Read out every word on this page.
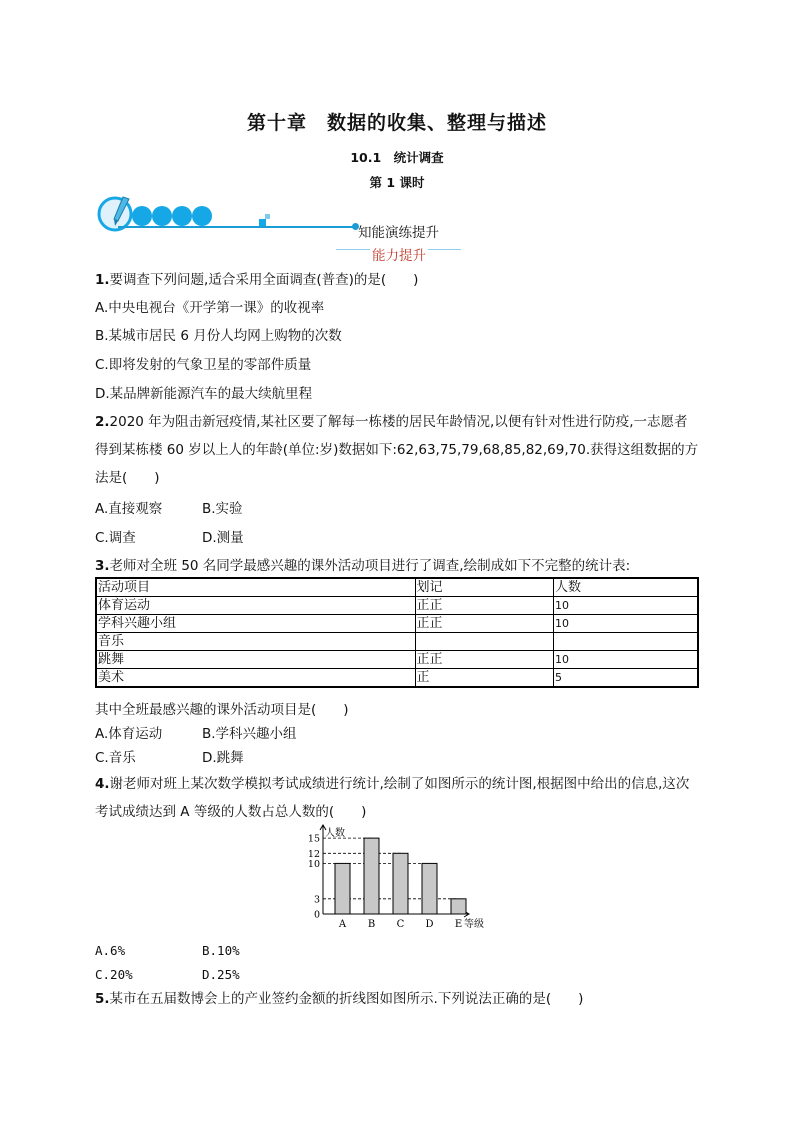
第十章　数据的收集、整理与描述
10.1　统计调查
第 1 课时
知能演练提升
能力提升
1.要调查下列问题,适合采用全面调查(普查)的是(　　)
A.中央电视台《开学第一课》的收视率
B.某城市居民 6 月份人均网上购物的次数
C.即将发射的气象卫星的零部件质量
D.某品牌新能源汽车的最大续航里程
2.2020 年为阻击新冠疫情,某社区要了解每一栋楼的居民年龄情况,以便有针对性进行防疫,一志愿者得到某栋楼 60 岁以上人的年龄(单位:岁)数据如下:62,63,75,79,68,85,82,69,70.获得这组数据的方法是(　　)
A.直接观察	B.实验
C.调查	D.测量
3.老师对全班 50 名同学最感兴趣的课外活动项目进行了调查,绘制成如下不完整的统计表:
活动项目	划记	人数
体育运动	正正	10
学科兴趣小组	正正	10
音乐		
跳舞	正正	10
美术	正	5
其中全班最感兴趣的课外活动项目是(　　)
A.体育运动	B.学科兴趣小组
C.音乐	D.跳舞
4.谢老师对班上某次数学模拟考试成绩进行统计,绘制了如图所示的统计图,根据图中给出的信息,这次考试成绩达到 A 等级的人数占总人数的(　　)
人数
等级
0
3
10
12
15
A B C D E
A.6%	B.10%
C.20%	D.25%
5.某市在五届数博会上的产业签约金额的折线图如图所示.下列说法正确的是(　　)
